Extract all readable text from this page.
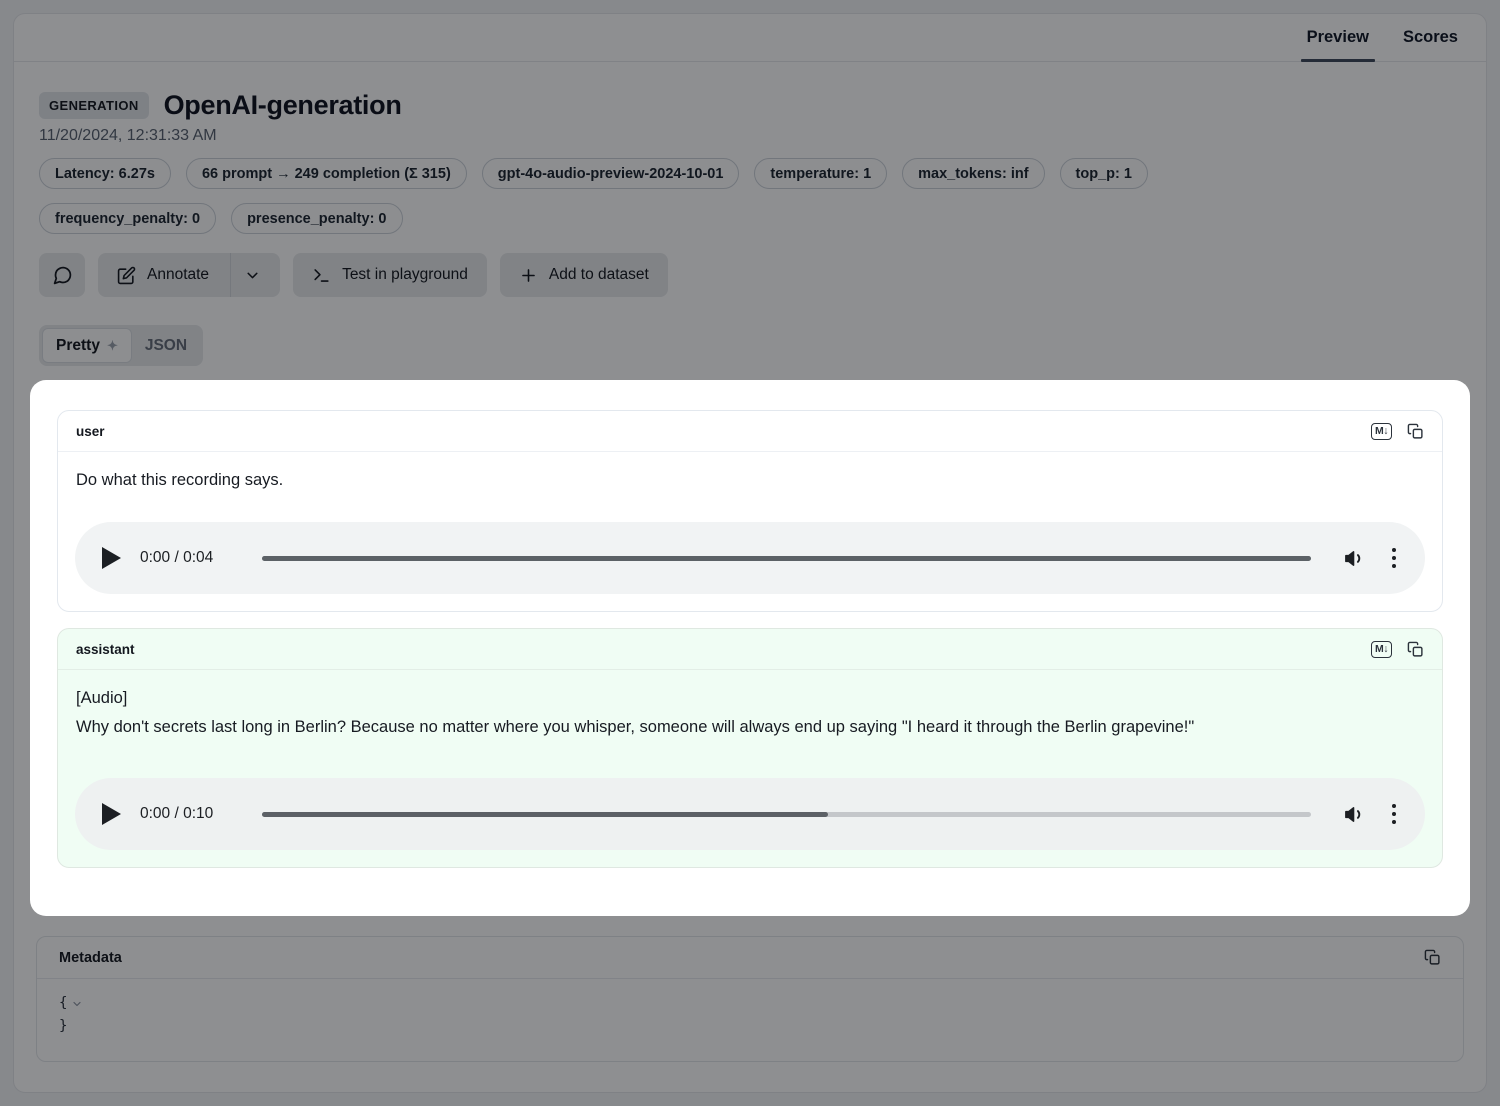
Preview Scores
GENERATION OpenAI-generation
11/20/2024, 12:31:33 AM
Latency: 6.27s	66 prompt → 249 completion (Σ 315)	gpt-4o-audio-preview-2024-10-01	temperature: 1	max_tokens: inf	top_p: 1
frequency_penalty: 0	presence_penalty: 0
Annotate	Test in playground	Add to dataset
Pretty ✦ JSON
Metadata
{
}
user	M↓
Do what this recording says.
0:00 / 0:04
assistant	M↓
[Audio]
Why don't secrets last long in Berlin? Because no matter where you whisper, someone will always end up saying "I heard it through the Berlin grapevine!"
0:00 / 0:10
